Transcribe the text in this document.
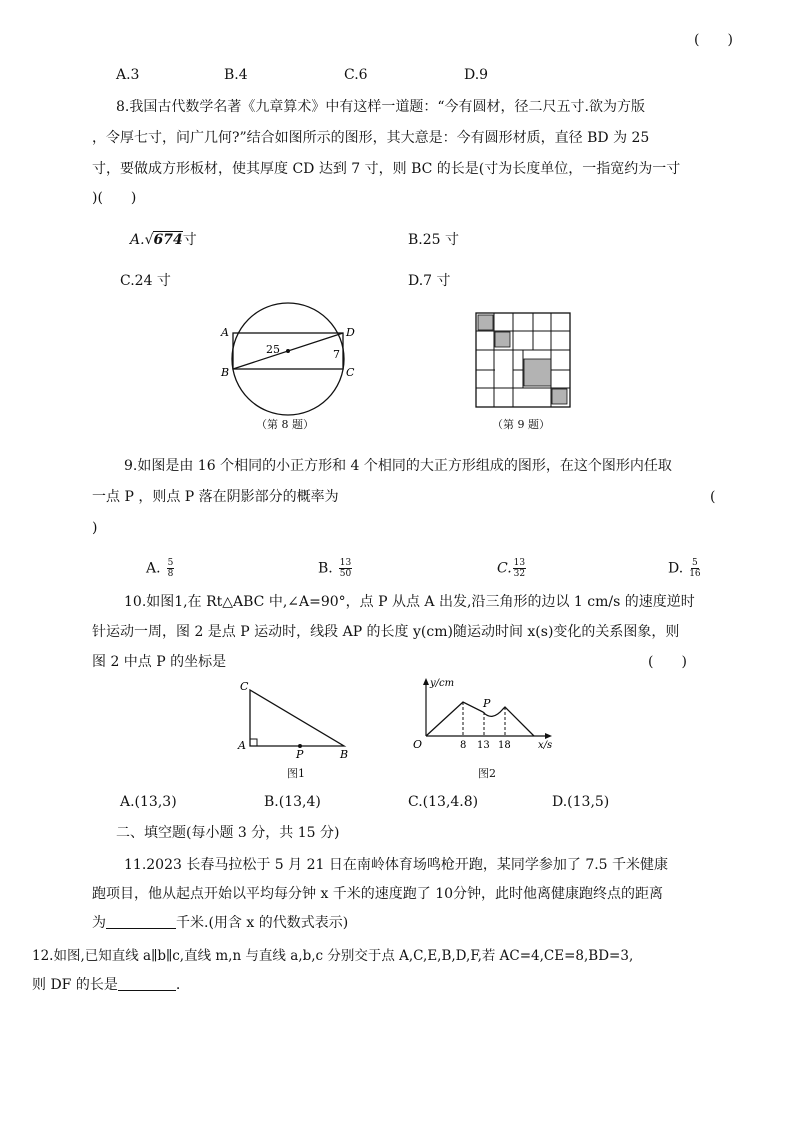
(　　)
A.3	B.4	C.6	D.9
8.我国古代数学名著《九章算术》中有这样一道题：“今有圆材，径二尺五寸.欲为方版
，令厚七寸，问广几何?”结合如图所示的图形，其大意是：今有圆形材质，直径 BD 为 25
寸，要做成方形板材，使其厚度 CD 达到 7 寸，则 BC 的长是(寸为长度单位，一指宽约为一寸
)(　　)
A.√674寸	B.25 寸
C.24 寸	D.7 寸
A
B	C
D
25	7
（第 8 题）	（第 9 题）
9.如图是由 16 个相同的小正方形和 4 个相同的大正方形组成的图形，在这个图形内任取
一点 P ，则点 P 落在阴影部分的概率为	(
)
A. $\frac{5}{8}$	B. $\frac{13}{50}$	C. $\frac{13}{32}$	D. $\frac{5}{16}$
10.如图1,在 Rt△ABC 中,∠A=90°，点 P 从点 A 出发,沿三角形的边以 1 cm/s 的速度逆时
针运动一周，图 2 是点 P 运动时，线段 AP 的长度 y(cm)随运动时间 x(s)变化的关系图象，则
图 2 中点 P 的坐标是	(　　)
C
A
B
P
图1
y/cm
x/s
O
P
8 13 18
图2
A.(13,3)	B.(13,4)	C.(13,4.8)	D.(13,5)
二、填空题(每小题 3 分，共 15 分)
11.2023 长春马拉松于 5 月 21 日在南岭体育场鸣枪开跑，某同学参加了 7.5 千米健康
跑项目，他从起点开始以平均每分钟 x 千米的速度跑了 10分钟，此时他离健康跑终点的距离
为	千米.(用含 x 的代数式表示)
12.如图,已知直线 a∥b∥c,直线 m,n 与直线 a,b,c 分别交于点 A,C,E,B,D,F,若 AC=4,CE=8,BD=3,
则 DF 的长是	.
